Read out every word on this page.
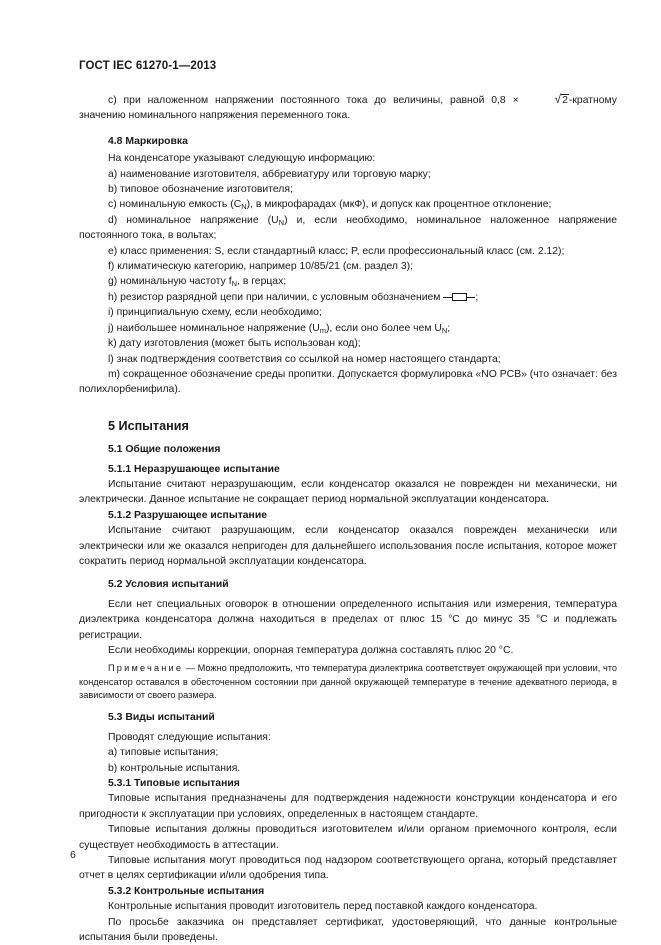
ГОСТ IEC 61270-1—2013

c) при наложенном напряжении постоянного тока до величины, равной 0,8 × √2-кратному значению номинального напряжения переменного тока.

4.8 Маркировка

На конденсаторе указывают следующую информацию:

a) наименование изготовителя, аббревиатуру или торговую марку;

b) типовое обозначение изготовителя;

c) номинальную емкость $(C_N)$, в микрофарадах (мкФ), и допуск как процентное отклонение;

d) номинальное напряжение $(U_N)$ и, если необходимо, номинальное наложенное напряжение постоянного тока, в вольтах;

e) класс применения: S, если стандартный класс; P, если профессиональный класс (см. 2.12);

f) климатическую категорию, например 10/85/21 (см. раздел 3);

g) номинальную частоту $f_N$, в герцах;

h) резистор разрядной цепи при наличии, с условным обозначением	;

i) принципиальную схему, если необходимо;

j) наибольшее номинальное напряжение $(U_m)$, если оно более чем $U_N$;

k) дату изготовления (может быть использован код);

l) знак подтверждения соответствия со ссылкой на номер настоящего стандарта;

m) сокращенное обозначение среды пропитки. Допускается формулировка «NO PCB» (что означает: без полихлорбенифила).

5 Испытания

5.1 Общие положения

5.1.1 Неразрушающее испытание

Испытание считают неразрушающим, если конденсатор оказался не поврежден ни механически, ни электрически. Данное испытание не сокращает период нормальной эксплуатации конденсатора.

5.1.2 Разрушающее испытание

Испытание считают разрушающим, если конденсатор оказался поврежден механически или электрически или же оказался непригоден для дальнейшего использования после испытания, которое может сократить период нормальной эксплуатации конденсатора.

5.2 Условия испытаний

Если нет специальных оговорок в отношении определенного испытания или измерения, температура диэлектрика конденсатора должна находиться в пределах от плюс 15 °C до минус 35 °C и подлежать регистрации.

Если необходимы коррекции, опорная температура должна составлять плюс 20 °C.

Примечание — Можно предположить, что температура диэлектрика соответствует окружающей при условии, что конденсатор оставался в обесточенном состоянии при данной окружающей температуре в течение адекватного периода, в зависимости от своего размера.

5.3 Виды испытаний

Проводят следующие испытания:

a) типовые испытания;

b) контрольные испытания.

5.3.1 Типовые испытания

Типовые испытания предназначены для подтверждения надежности конструкции конденсатора и его пригодности к эксплуатации при условиях, определенных в настоящем стандарте.

Типовые испытания должны проводиться изготовителем и/или органом приемочного контроля, если существует необходимость в аттестации.

Типовые испытания могут проводиться под надзором соответствующего органа, который представляет отчет в целях сертификации и/или одобрения типа.

5.3.2 Контрольные испытания

Контрольные испытания проводит изготовитель перед поставкой каждого конденсатора.

По просьбе заказчика он представляет сертификат, удостоверяющий, что данные контрольные испытания были проведены.

6
